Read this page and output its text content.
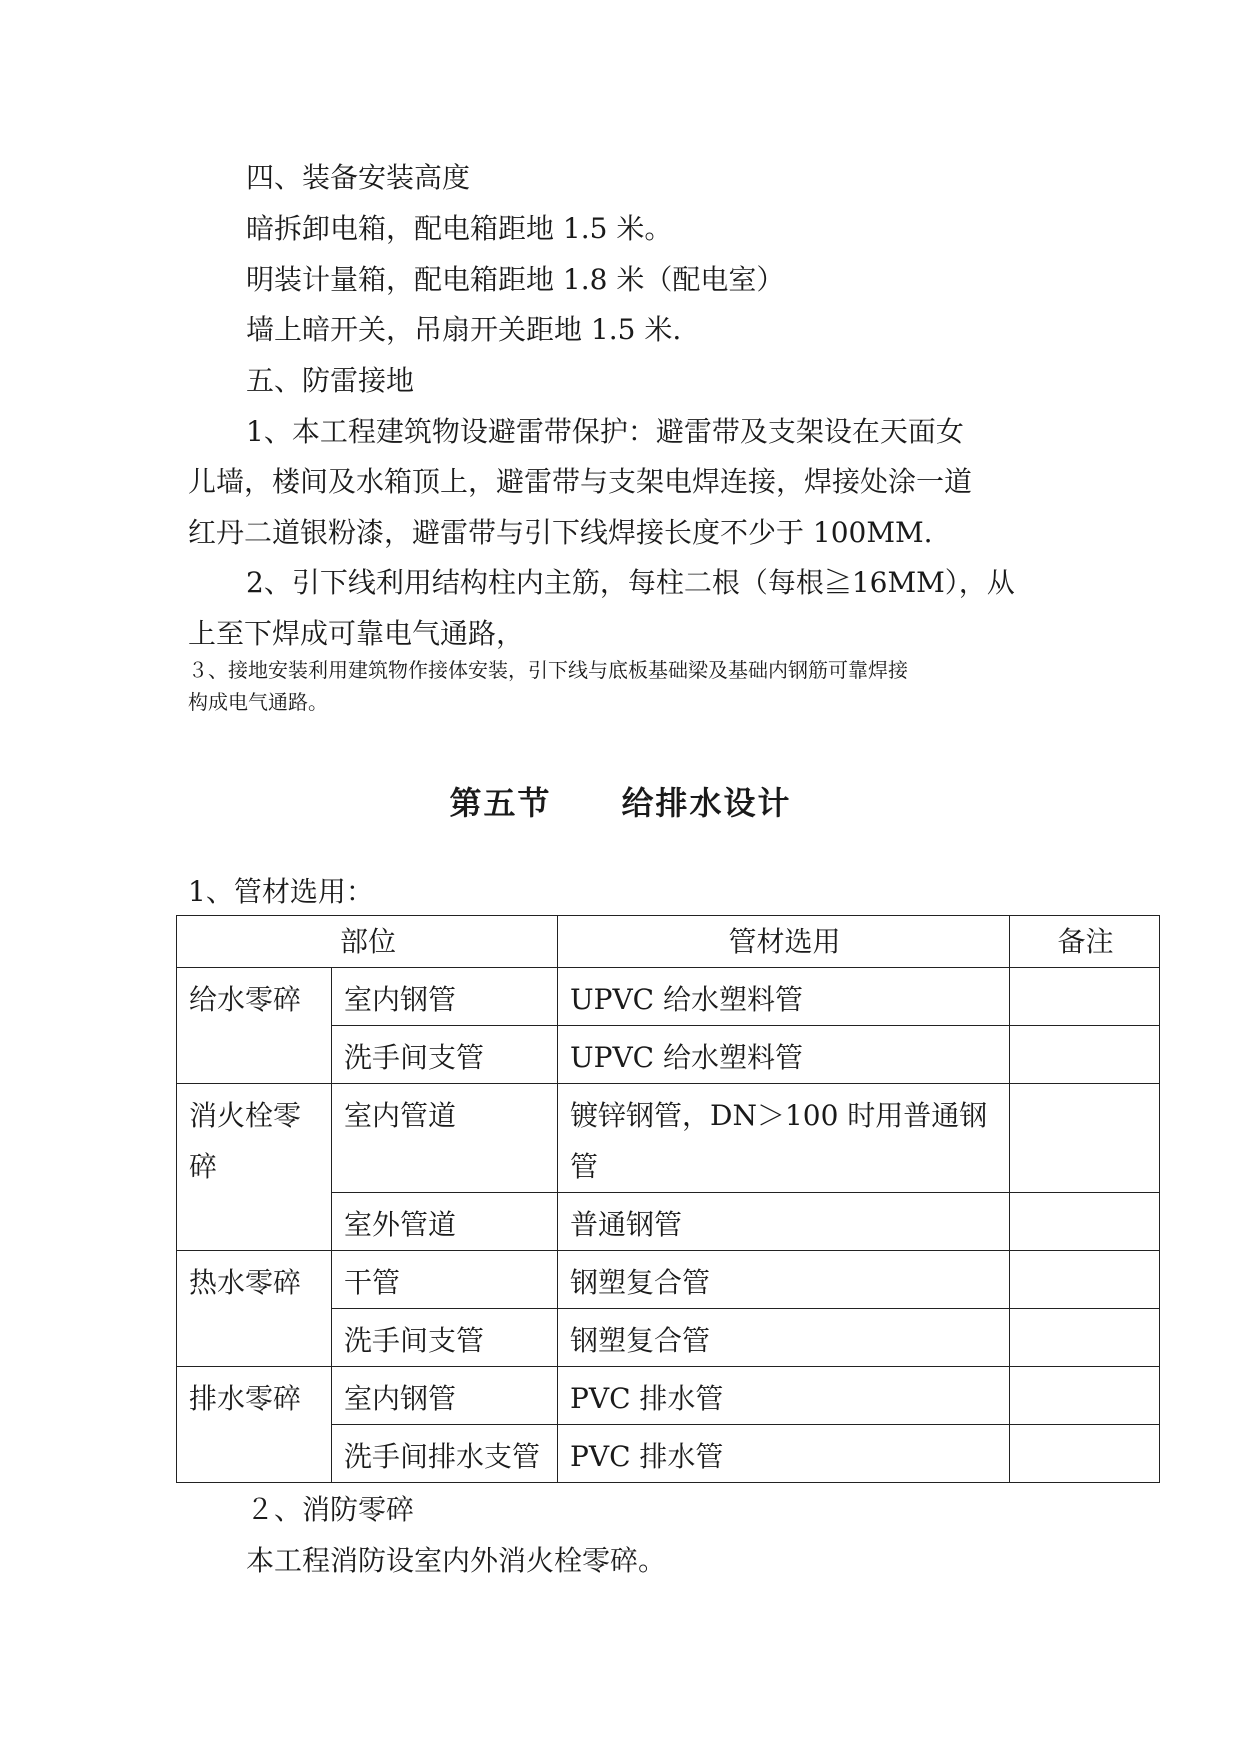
四、装备安装高度
暗拆卸电箱，配电箱距地 1.5 米。
明装计量箱，配电箱距地 1.8 米（配电室）
墙上暗开关，吊扇开关距地 1.5 米.
五、防雷接地
1、本工程建筑物设避雷带保护：避雷带及支架设在天面女
儿墙，楼间及水箱顶上，避雷带与支架电焊连接，焊接处涂一道
红丹二道银粉漆，避雷带与引下线焊接长度不少于 100MM.
2、引下线利用结构柱内主筋，每柱二根（每根≧16MM），从
上至下焊成可靠电气通路，
３、接地安装利用建筑物作接体安装，引下线与底板基础梁及基础内钢筋可靠焊接
构成电气通路。
第五节 给排水设计
1、管材选用：
部位		管材选用	备注
给水零碎	室内钢管	UPVC 给水塑料管	
	洗手间支管	UPVC 给水塑料管	
消火栓零碎	室内管道	镀锌钢管，DN＞100 时用普通钢管	
	室外管道	普通钢管	
热水零碎	干管	钢塑复合管	
	洗手间支管	钢塑复合管	
排水零碎	室内钢管	PVC 排水管	
	洗手间排水支管	PVC 排水管	
２、消防零碎
本工程消防设室内外消火栓零碎。
